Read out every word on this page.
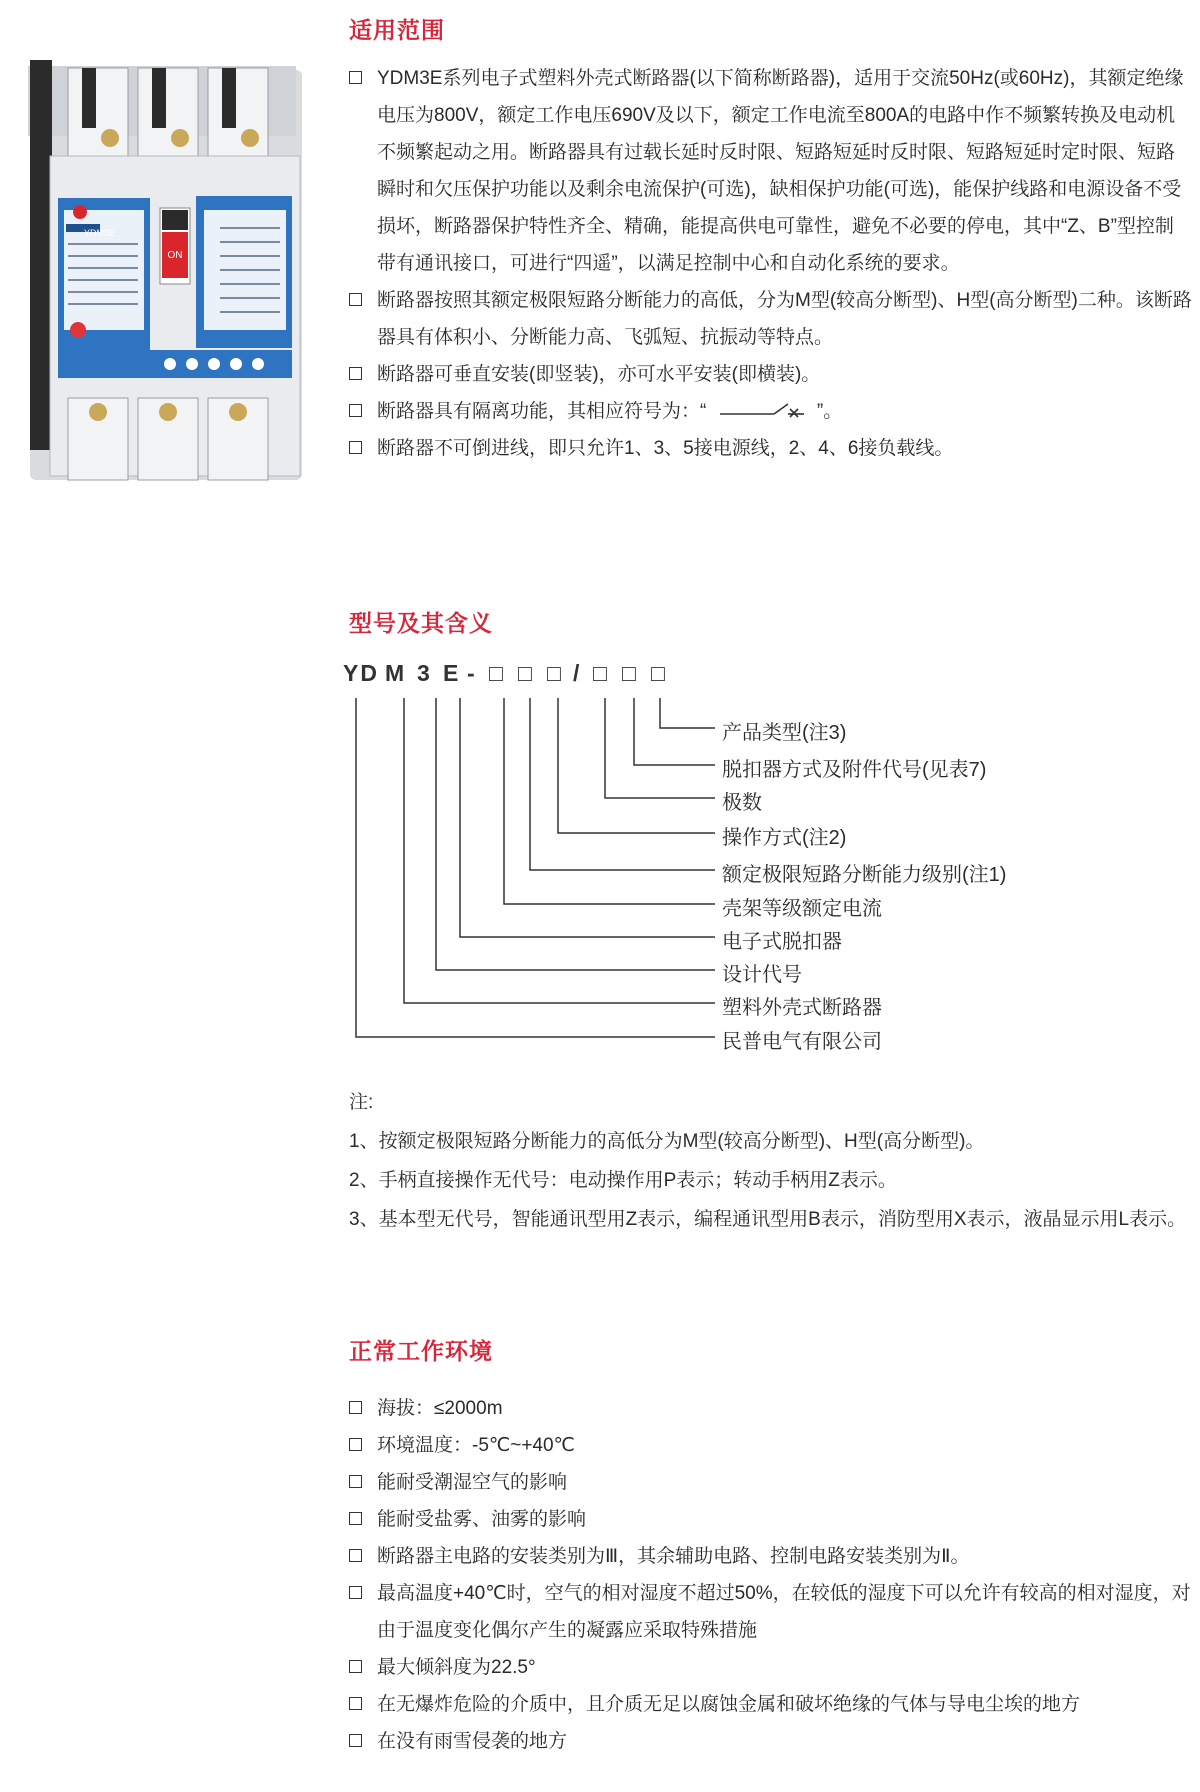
适用范围
ON
YDM3E
YDM3E系列电子式塑料外壳式断路器(以下简称断路器)，适用于交流50Hz(或60Hz)，其额定绝缘电压为800V，额定工作电压690V及以下，额定工作电流至800A的电路中作不频繁转换及电动机不频繁起动之用。断路器具有过载长延时反时限、短路短延时反时限、短路短延时定时限、短路瞬时和欠压保护功能以及剩余电流保护(可选)，缺相保护功能(可选)，能保护线路和电源设备不受损坏，断路器保护特性齐全、精确，能提高供电可靠性，避免不必要的停电，其中“Z、B”型控制带有通讯接口，可进行“四遥”，以满足控制中心和自动化系统的要求。
断路器按照其额定极限短路分断能力的高低，分为M型(较高分断型)、H型(高分断型)二种。该断路器具有体积小、分断能力高、飞弧短、抗振动等特点。
断路器可垂直安装(即竖装)，亦可水平安装(即横装)。
断路器具有隔离功能，其相应符号为：“	”。
断路器不可倒进线，即只允许1、3、5接电源线，2、4、6接负载线。
型号及其含义
YD M 3 E - □ □ □ / □ □ □
产品类型(注3)
脱扣器方式及附件代号(见表7)
极数
操作方式(注2)
额定极限短路分断能力级别(注1)
壳架等级额定电流
电子式脱扣器
设计代号
塑料外壳式断路器
民普电气有限公司
注:
1、按额定极限短路分断能力的高低分为M型(较高分断型)、H型(高分断型)。
2、手柄直接操作无代号：电动操作用P表示；转动手柄用Z表示。
3、基本型无代号，智能通讯型用Z表示，编程通讯型用B表示，消防型用X表示，液晶显示用L表示。
正常工作环境
海拔：≤2000m
环境温度：-5℃~+40℃
能耐受潮湿空气的影响
能耐受盐雾、油雾的影响
断路器主电路的安装类别为Ⅲ，其余辅助电路、控制电路安装类别为Ⅱ。
最高温度+40℃时，空气的相对湿度不超过50%，在较低的湿度下可以允许有较高的相对湿度，对由于温度变化偶尔产生的凝露应采取特殊措施
最大倾斜度为22.5°
在无爆炸危险的介质中，且介质无足以腐蚀金属和破坏绝缘的气体与导电尘埃的地方
在没有雨雪侵袭的地方
